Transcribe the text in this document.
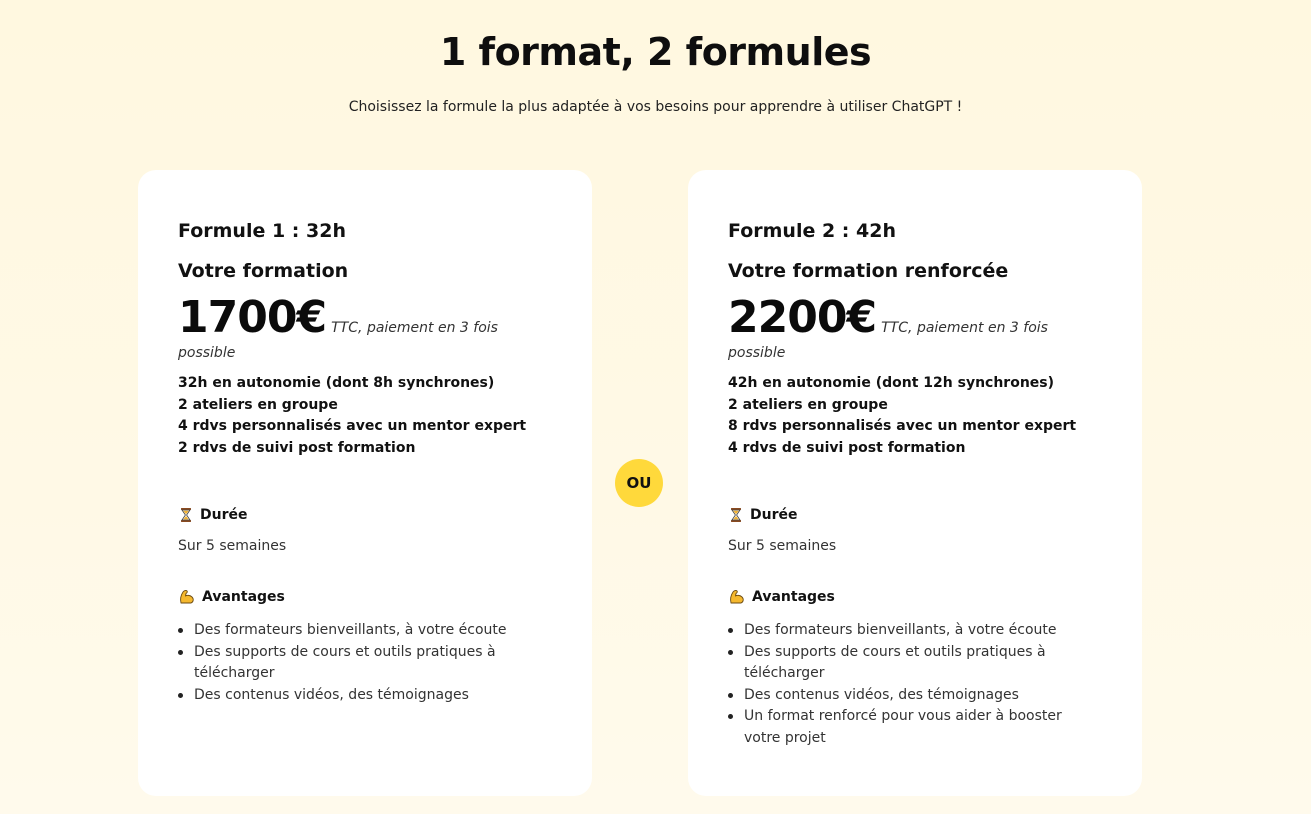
1 format, 2 formules

Choisissez la formule la plus adaptée à vos besoins pour apprendre à utiliser ChatGPT !

Formule 1 : 32h
Votre formation
1700€ TTC, paiement en 3 fois possible
32h en autonomie (dont 8h synchrones)
2 ateliers en groupe
4 rdvs personnalisés avec un mentor expert
2 rdvs de suivi post formation
Durée
Sur 5 semaines
Avantages
Des formateurs bienveillants, à votre écoute
Des supports de cours et outils pratiques à télécharger
Des contenus vidéos, des témoignages
OU
Formule 2 : 42h
Votre formation renforcée
2200€ TTC, paiement en 3 fois possible
42h en autonomie (dont 12h synchrones)
2 ateliers en groupe
8 rdvs personnalisés avec un mentor expert
4 rdvs de suivi post formation
Durée
Sur 5 semaines
Avantages
Des formateurs bienveillants, à votre écoute
Des supports de cours et outils pratiques à télécharger
Des contenus vidéos, des témoignages
Un format renforcé pour vous aider à booster votre projet
